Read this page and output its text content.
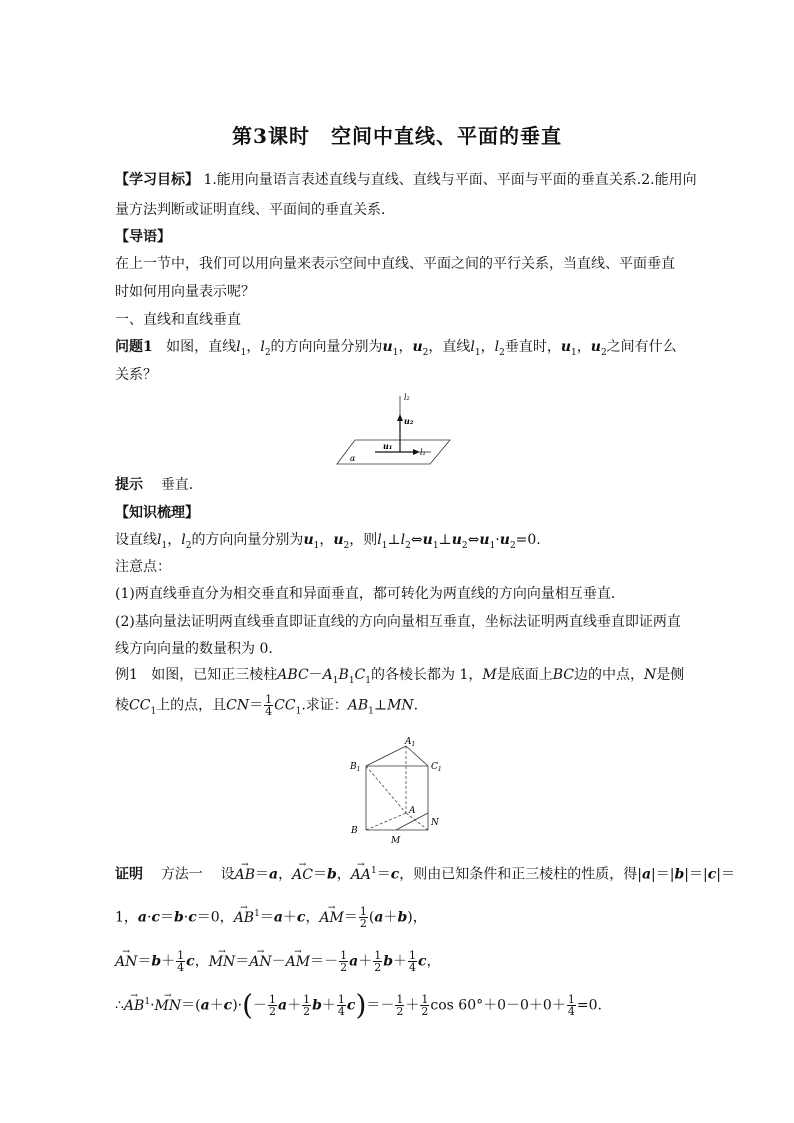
第3课时　空间中直线、平面的垂直
【学习目标】 1.能用向量语言表述直线与直线、直线与平面、平面与平面的垂直关系.2.能用向
量方法判断或证明直线、平面间的垂直关系．
【导语】
在上一节中，我们可以用向量来表示空间中直线、平面之间的平行关系，当直线、平面垂直
时如何用向量表示呢？
一、直线和直线垂直
问题1 如图，直线$l_1$，$l_2$的方向向量分别为$u_1$，$u_2$，直线$l_1$，$l_2$垂直时，$u_1$，$u_2$之间有什么
关系？
l₂
u₂
u₁
l₁
α
提示 垂直．
【知识梳理】
设直线$l_1$，$l_2$的方向向量分别为$u_1$，$u_2$，则$l_1\perp l_2\Leftrightarrow u_1\perp u_2\Leftrightarrow u_1\cdot u_2=0$.
注意点：
(1)两直线垂直分为相交垂直和异面垂直，都可转化为两直线的方向向量相互垂直．
(2)基向量法证明两直线垂直即证直线的方向向量相互垂直，坐标法证明两直线垂直即证两直
线方向向量的数量积为 0.
例1 如图，已知正三棱柱$ABC-A_1B_1C_1$的各棱长都为 1，M是底面上BC边的中点，N是侧
棱$CC_1$上的点，且$CN= \frac{1}{4} CC_1$.求证：$AB_1\perp MN$.
$A_1$
$B_1$	$C_1$
A
B
N
M
证明 方法一 设→ AB＝a，→ AC＝b，→ $AA^1=c$，则由已知条件和正三棱柱的性质，得|a|＝|b|＝|c|＝
1，a·c＝b·c＝0，→ $AB^1=a+c$，→ $AM= \frac{1}{2} (a+b)$，
→ $AN=b+ \frac{1}{4}$ c，→ $MN=\to AN-\to AM=- \frac{1}{2} a+ \frac{1}{2} b+ \frac{1}{4}$ c，
∴→ $AB^1\cdot\to MN=(a+c)\cdot(- \frac{1}{2} a+ \frac{1}{2} b+ \frac{1}{4} c)=- \frac{1}{2} + \frac{1}{2}$ $\cos 60^\circ+0-0+0+ \frac{1}{4} =0$.
